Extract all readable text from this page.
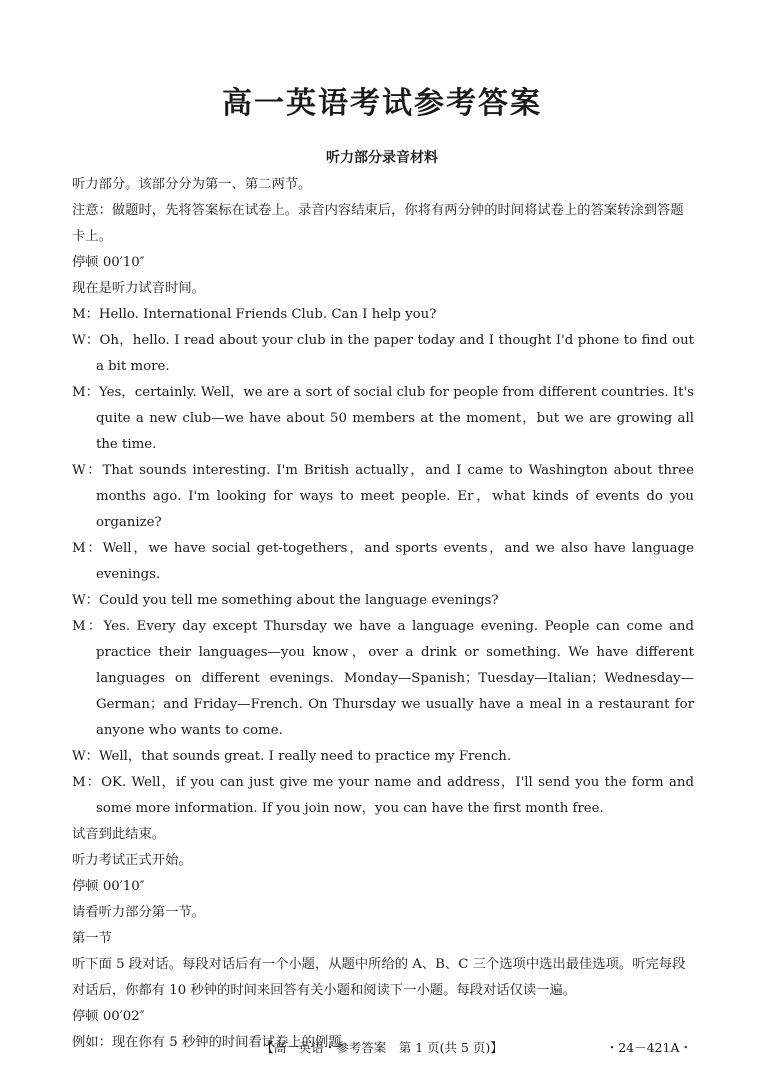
高一英语考试参考答案
听力部分录音材料

听力部分。该部分分为第一、第二两节。

注意：做题时，先将答案标在试卷上。录音内容结束后，你将有两分钟的时间将试卷上的答案转涂到答题卡上。

停顿 00′10″

现在是听力试音时间。

M：Hello. International Friends Club. Can I help you?

W：Oh，hello. I read about your club in the paper today and I thought I'd phone to find out a bit more.

M：Yes，certainly. Well，we are a sort of social club for people from different countries. It's quite a new club—we have about 50 members at the moment，but we are growing all the time.

W：That sounds interesting. I'm British actually，and I came to Washington about three months ago. I'm looking for ways to meet people. Er，what kinds of events do you organize?

M：Well，we have social get-togethers，and sports events，and we also have language evenings.

W：Could you tell me something about the language evenings?

M：Yes. Every day except Thursday we have a language evening. People can come and practice their languages—you know，over a drink or something. We have different languages on different evenings. Monday—Spanish；Tuesday—Italian；Wednesday—German；and Friday—French. On Thursday we usually have a meal in a restaurant for anyone who wants to come.

W：Well，that sounds great. I really need to practice my French.

M：OK. Well，if you can just give me your name and address，I'll send you the form and some more information. If you join now，you can have the first month free.

试音到此结束。

听力考试正式开始。

停顿 00′10″

请看听力部分第一节。

第一节

听下面 5 段对话。每段对话后有一个小题，从题中所给的 A、B、C 三个选项中选出最佳选项。听完每段对话后，你都有 10 秒钟的时间来回答有关小题和阅读下一小题。每段对话仅读一遍。

停顿 00′02″

例如：现在你有 5 秒钟的时间看试卷上的例题。

【高一英语・参考答案　第 1 页(共 5 页)】	・24－421A・
